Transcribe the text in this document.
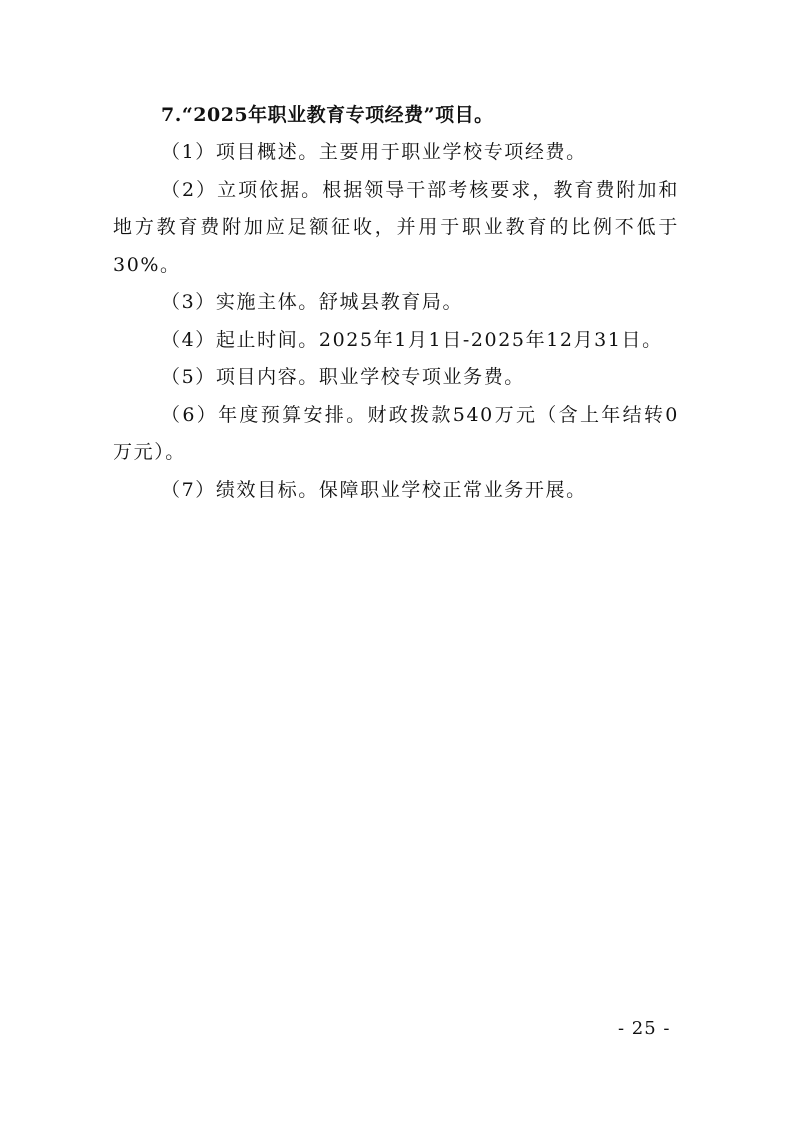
7.“2025年职业教育专项经费”项目。

（1）项目概述。主要用于职业学校专项经费。

（2）立项依据。根据领导干部考核要求，教育费附加和地方教育费附加应足额征收，并用于职业教育的比例不低于30%。

（3）实施主体。舒城县教育局。

（4）起止时间。2025年1月1日-2025年12月31日。

（5）项目内容。职业学校专项业务费。

（6）年度预算安排。财政拨款540万元（含上年结转0万元）。

（7）绩效目标。保障职业学校正常业务开展。

- 25 -
